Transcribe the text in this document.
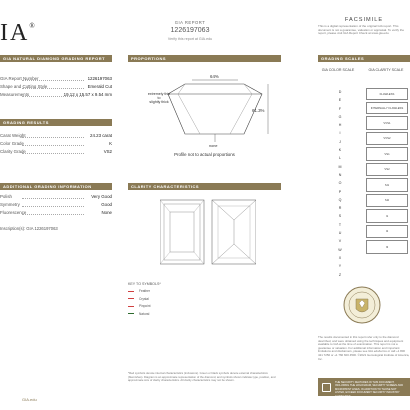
IA®	GIA REPORT
1226197063
Verify this report at GIA.edu
FACSIMILE
This is a digital representation of the original GIA report. This document is not a guarantee, valuation or appraisal. To verify the report, please visit GIA Report Check at www.gia.edu.
GIA NATURAL DIAMOND GRADING REPORT
GIA Report Number	1226197063
Shape and Cutting Style	Emerald Cut
Measurements	19.12 x 15.57 x 9.54 mm
GRADING RESULTS
Carat Weight	24.23 carat
Color Grade	K
Clarity Grade	VS2
ADDITIONAL GRADING INFORMATION
Polish	Very Good
Symmetry	Good
Fluorescence	None
Inscription(s): GIA 1226197063
GIA.edu
PROPORTIONS
64%
61.3%
extremely thin
to
slightly thick
none
Profile not to actual proportions
CLARITY CHARACTERISTICS
KEY TO SYMBOLS*
Feather
Crystal
Pinpoint
Natural
*Red symbols denote internal characteristics (inclusions). Green or black symbols denote external characteristics (blemishes). Diagram is an approximate representation of the diamond, and symbols shown indicate type, position, and approximate size of clarity characteristics. All clarity characteristics may not be shown.
GRADING SCALES
GIA COLOR SCALE	GIA CLARITY SCALE
D
E
F
G
H
I
J
K
L
M
N
O
P
Q
R
S
T
U
V
W
X
Y
Z
FLAWLESS
INTERNALLY FLAWLESS
VVS1
VVS2
VS1
VS2
SI1
SI2
I1
I2
I3
The results documented in this report refer only to the diamond described, and were obtained using the techniques and equipment available to GIA at the time of examination. This report is not a guarantee or valuation. For additional information and important limitations and disclaimers, please see GIA.edu/terms or call +1 800 421 7250 or +1 760 603 4500. ©2021 Gemological Institute of America, Inc.
THE SECURITY FEATURES IN THIS DOCUMENT, INCLUDING THE HOLOGRAM, SECURITY SCREEN AND MICROPRINT LINES, IN ADDITION TO THOSE NOT LISTED, EXCEED DOCUMENT SECURITY INDUSTRY GUIDELINES.
